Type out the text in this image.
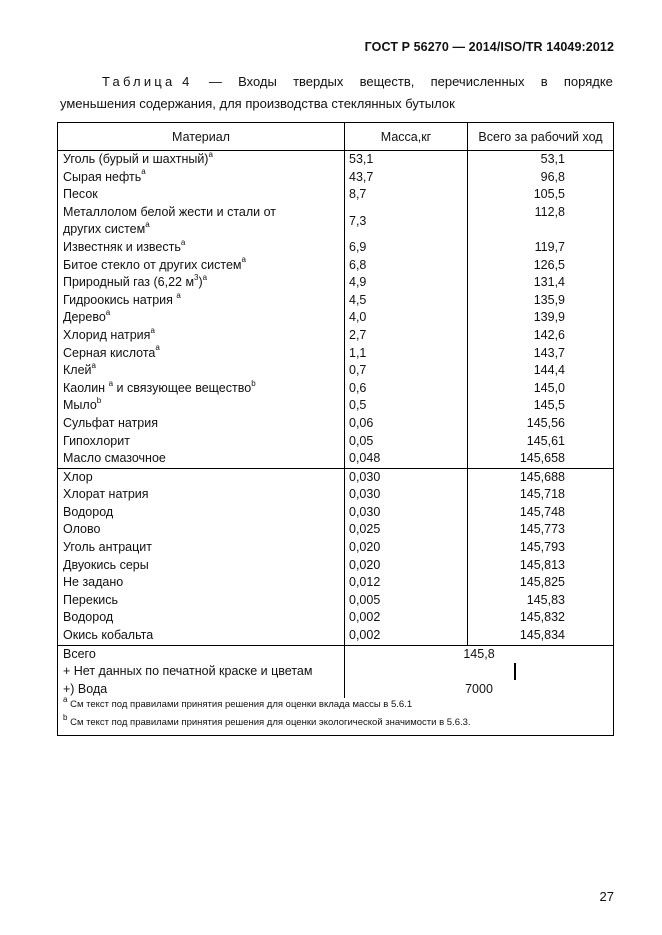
ГОСТ Р 56270 — 2014/ISO/TR 14049:2012
Таблица 4 — Входы твердых веществ, перечисленных в порядке
уменьшения содержания, для производства стеклянных бутылок
Материал	Масса,кг	Всего за рабочий ход
Уголь (бурый и шахтный)$^a$	53,1	53,1
Сырая нефть$^a$	43,7	96,8
Песок	8,7	105,5
Металлолом белой жести и стали от
других систем$^a$	7,3	112,8
Известняк и известь$^a$	6,9	119,7
Битое стекло от других систем$^a$	6,8	126,5
Природный газ (6,22 $м^3)^a$	4,9	131,4
Гидроокись натрия $^a$	4,5	135,9
Дерево$^a$	4,0	139,9
Хлорид натрия$^a$	2,7	142,6
Серная кислота$^a$	1,1	143,7
Клей$^a$	0,7	144,4
Каолин $^a$ и связующее вещество$^b$	0,6	145,0
Мыло$^b$	0,5	145,5
Сульфат натрия	0,06	145,56
Гипохлорит	0,05	145,61
Масло смазочное	0,048	145,658
Хлор	0,030	145,688
Хлорат натрия	0,030	145,718
Водород	0,030	145,748
Олово	0,025	145,773
Уголь антрацит	0,020	145,793
Двуокись серы	0,020	145,813
Не задано	0,012	145,825
Перекись	0,005	145,83
Водород	0,002	145,832
Окись кобальта	0,002	145,834
Всего	145,8	
+ Нет данных по печатной краске и цветам		
+) Вода	7000	
$^a$ См текст под правилами принятия решения для оценки вклада массы в 5.6.1		
$^b$ См текст под правилами принятия решения для оценки экологической значимости в 5.6.3.		
27
